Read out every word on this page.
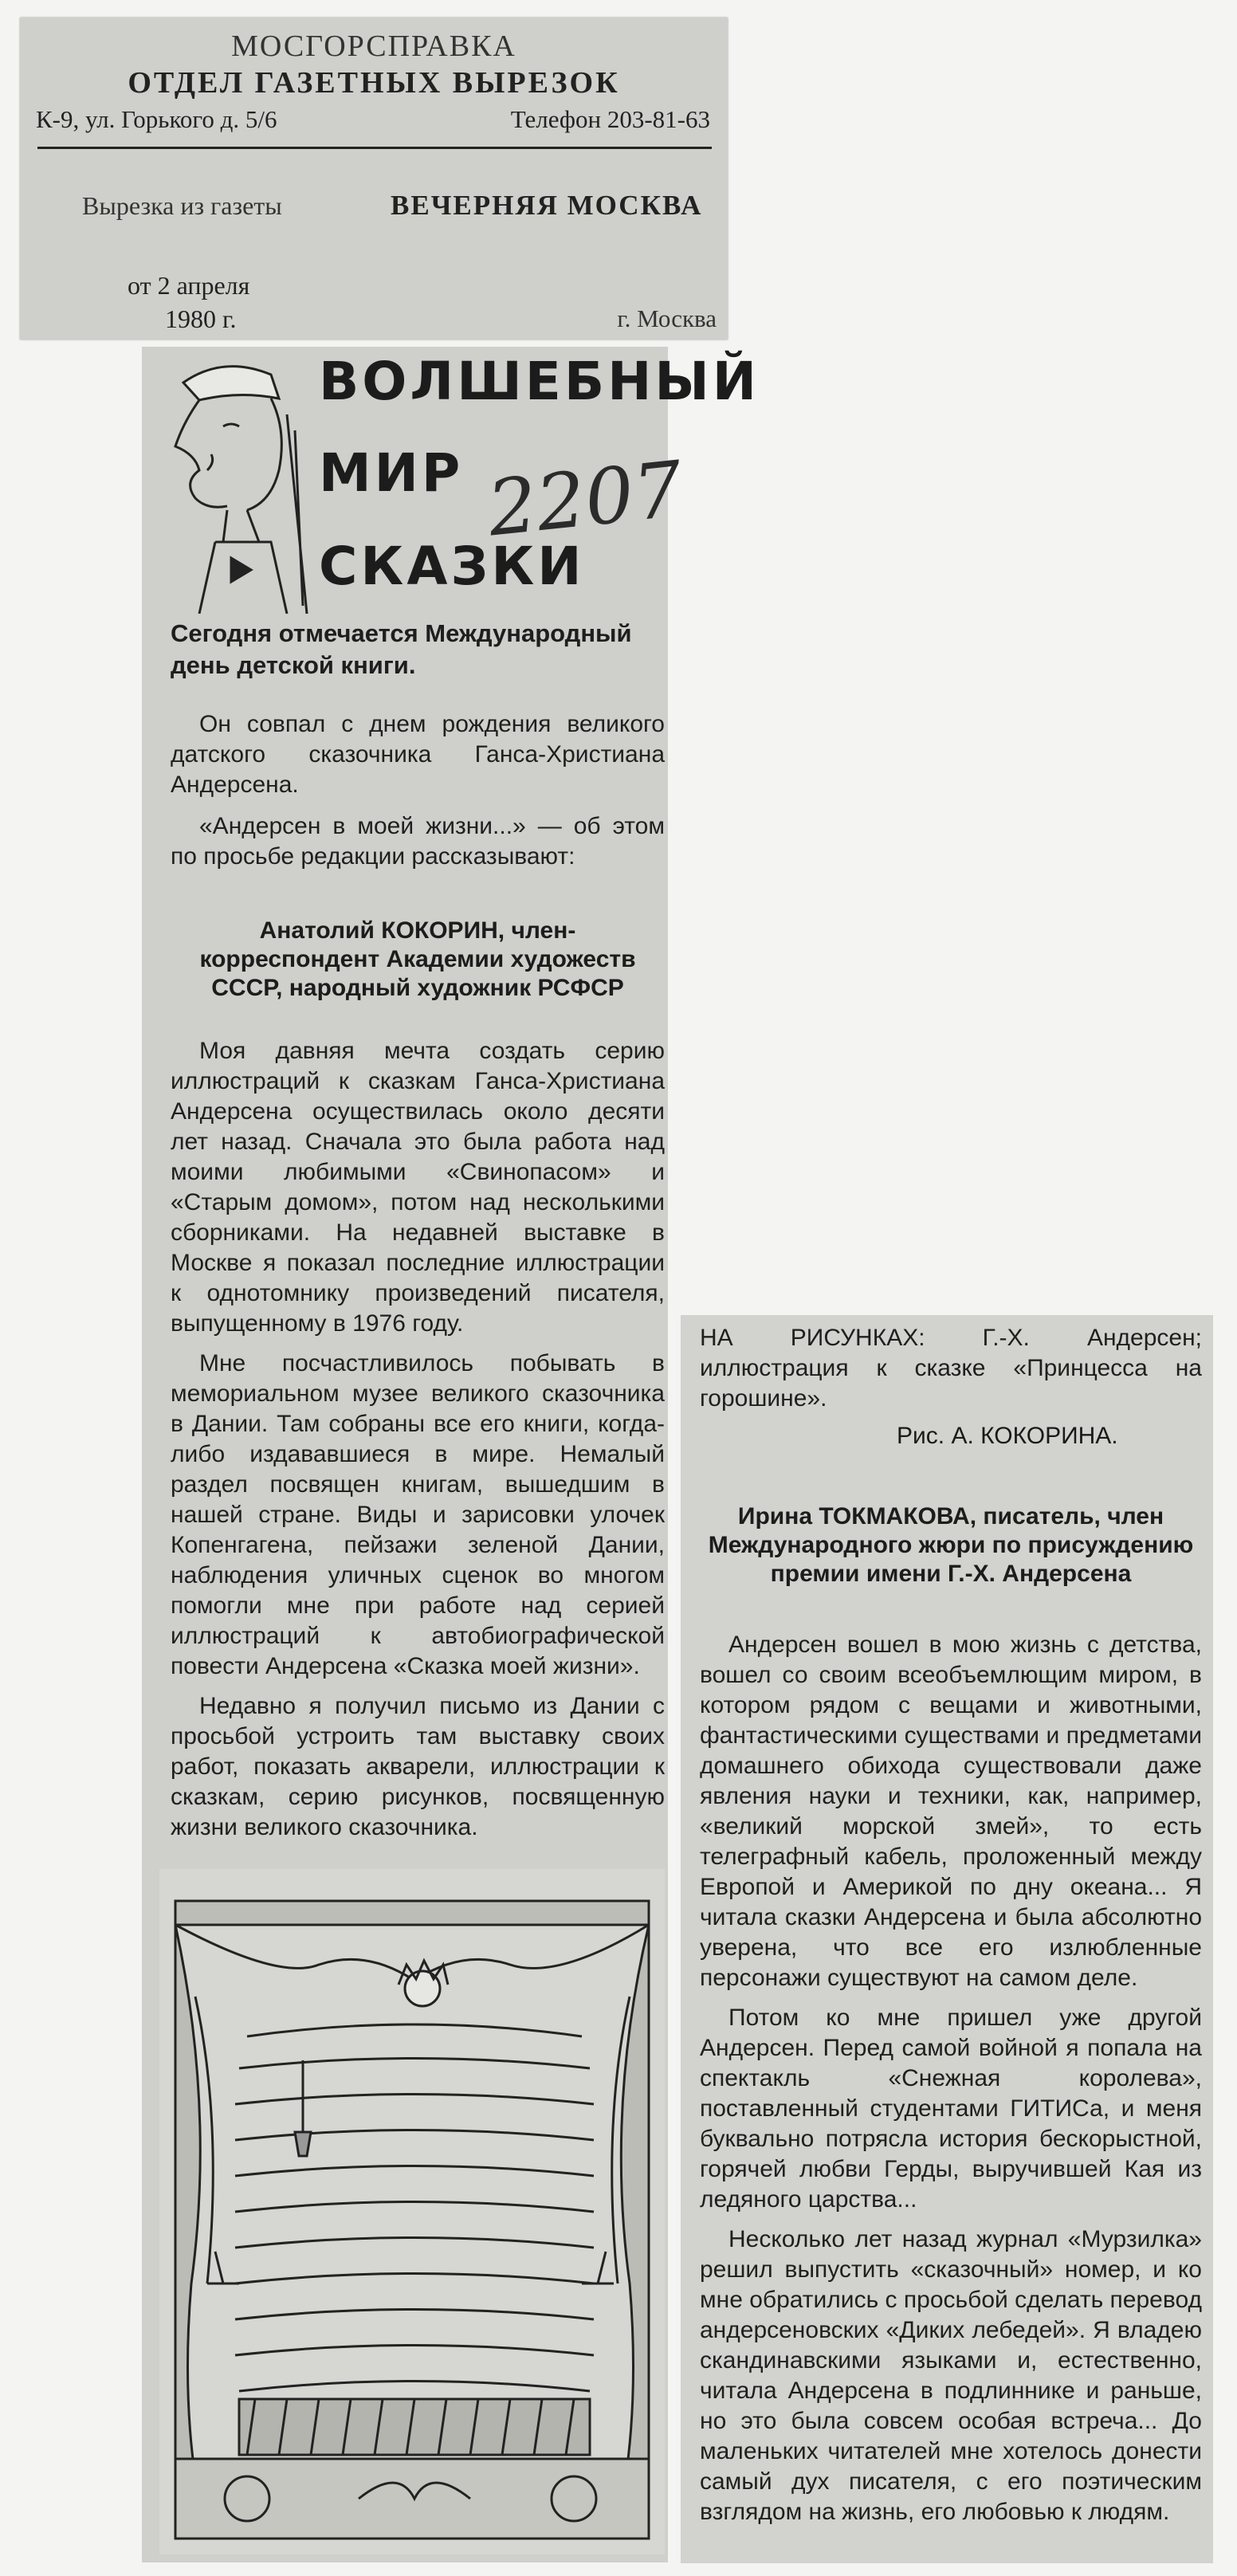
МОСГОРСПРАВКА
ОТДЕЛ ГАЗЕТНЫХ ВЫРЕЗОК
К-9, ул. Горького д. 5/6	Телефон 203-81-63
Вырезка из газеты	ВЕЧЕРНЯЯ МОСКВА
от 2 апреля
1980 г.	г. Москва
ВОЛШЕБНЫЙ
МИР
СКАЗКИ
2207
Сегодня отмечается Международный день детской книги.

Он совпал с днем рождения великого датского сказочника Ганса-Христиана Андерсена.

«Андерсен в моей жизни...» — об этом по просьбе редакции рассказывают:

Анатолий КОКОРИН, член-корреспондент Академии художеств СССР, народный художник РСФСР

Моя давняя мечта создать серию иллюстраций к сказкам Ганса-Христиана Андерсена осуществилась около десяти лет назад. Сначала это была работа над моими любимыми «Свинопасом» и «Старым домом», потом над несколькими сборниками. На недавней выставке в Москве я показал последние иллюстрации к однотомнику произведений писателя, выпущенному в 1976 году.

Мне посчастливилось побывать в мемориальном музее великого сказочника в Дании. Там собраны все его книги, когда-либо издававшиеся в мире. Немалый раздел посвящен книгам, вышедшим в нашей стране. Виды и зарисовки улочек Копенгагена, пейзажи зеленой Дании, наблюдения уличных сценок во многом помогли мне при работе над серией иллюстраций к автобиографической повести Андерсена «Сказка моей жизни».

Недавно я получил письмо из Дании с просьбой устроить там выставку своих работ, показать акварели, иллюстрации к сказкам, серию рисунков, посвященную жизни великого сказочника.

НА РИСУНКАХ: Г.-Х. Андерсен; иллюстрация к сказке «Принцесса на горошине».
Рис. А. КОКОРИНА.
Ирина ТОКМАКОВА, писатель, член Международного жюри по присуждению премии имени Г.-Х. Андерсена

Андерсен вошел в мою жизнь с детства, вошел со своим всеобъемлющим миром, в котором рядом с вещами и животными, фантастическими существами и предметами домашнего обихода существовали даже явления науки и техники, как, например, «великий морской змей», то есть телеграфный кабель, проложенный между Европой и Америкой по дну океана... Я читала сказки Андерсена и была абсолютно уверена, что все его излюбленные персонажи существуют на самом деле.

Потом ко мне пришел уже другой Андерсен. Перед самой войной я попала на спектакль «Снежная королева», поставленный студентами ГИТИСа, и меня буквально потрясла история бескорыстной, горячей любви Герды, выручившей Кая из ледяного царства...

Несколько лет назад журнал «Мурзилка» решил выпустить «сказочный» номер, и ко мне обратились с просьбой сделать перевод андерсеновских «Диких лебедей». Я владею скандинавскими языками и, естественно, читала Андерсена в подлиннике и раньше, но это была совсем особая встреча... До маленьких читателей мне хотелось донести самый дух писателя, с его поэтическим взглядом на жизнь, его любовью к людям.
